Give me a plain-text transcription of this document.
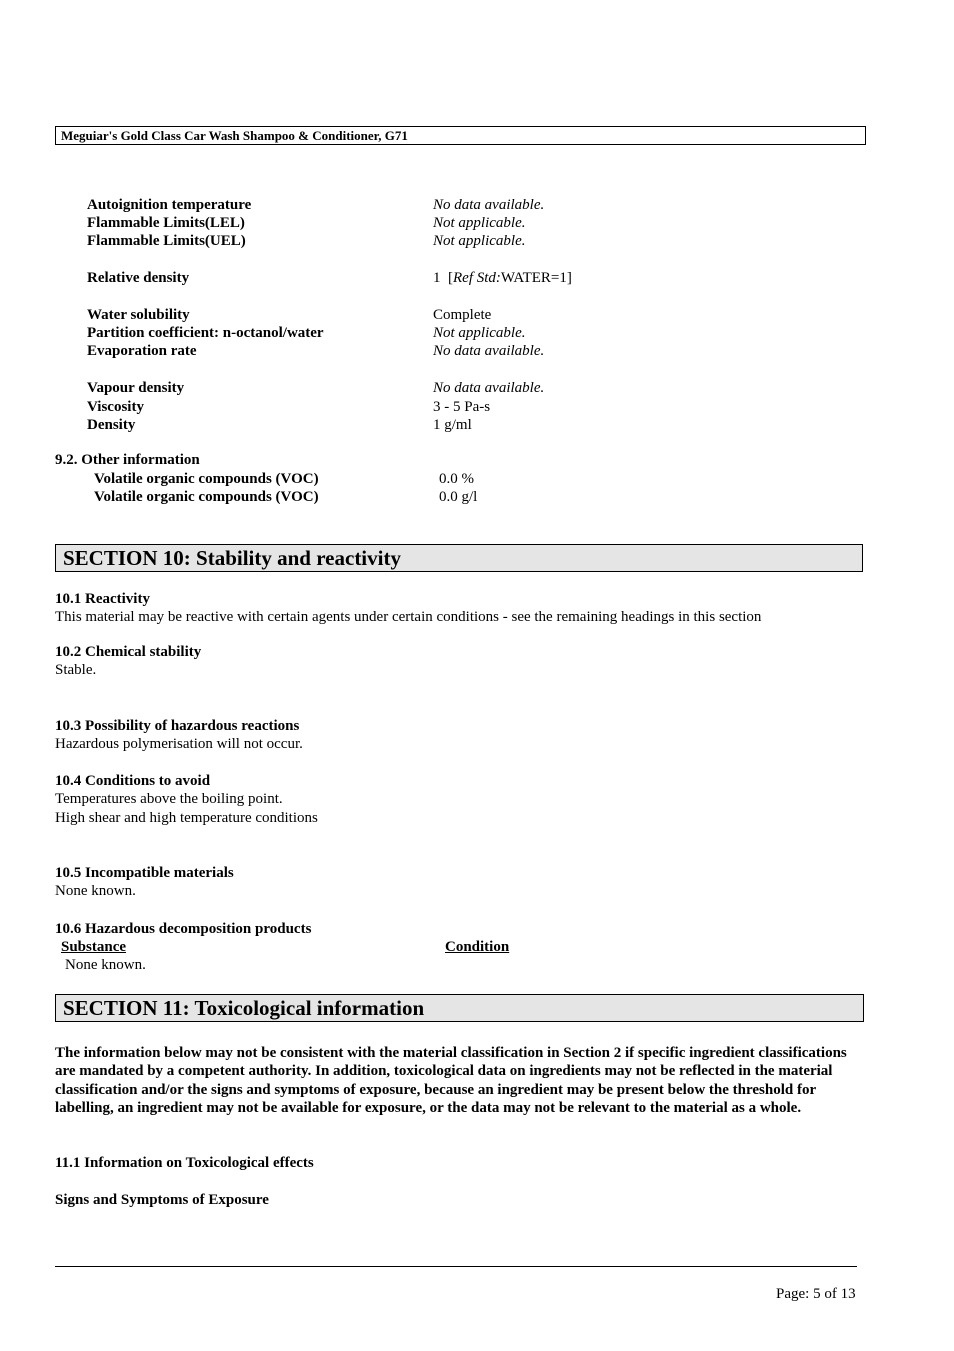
Meguiar's Gold Class Car Wash Shampoo & Conditioner, G71
Autoignition temperature	No data available.
Flammable Limits(LEL)	Not applicable.
Flammable Limits(UEL)	Not applicable.
Relative density	1  [Ref Std:WATER=1]
Water solubility	Complete
Partition coefficient: n-octanol/water	Not applicable.
Evaporation rate	No data available.
Vapour density	No data available.
Viscosity	3 - 5 Pa-s
Density	1 g/ml
9.2. Other information
Volatile organic compounds (VOC)	0.0 %
Volatile organic compounds (VOC)	0.0 g/l
SECTION 10: Stability and reactivity
10.1 Reactivity
This material may be reactive with certain agents under certain conditions - see the remaining headings in this section
10.2 Chemical stability
Stable.
10.3 Possibility of hazardous reactions
Hazardous polymerisation will not occur.
10.4 Conditions to avoid
Temperatures above the boiling point.
High shear and high temperature conditions
10.5 Incompatible materials
None known.
10.6 Hazardous decomposition products
Substance	Condition
None known.
SECTION 11: Toxicological information
The information below may not be consistent with the material classification in Section 2 if specific ingredient classifications are mandated by a competent authority. In addition, toxicological data on ingredients may not be reflected in the material classification and/or the signs and symptoms of exposure, because an ingredient may be present below the threshold for labelling, an ingredient may not be available for exposure, or the data may not be relevant to the material as a whole.
11.1 Information on Toxicological effects
Signs and Symptoms of Exposure
Page: 5 of 13
